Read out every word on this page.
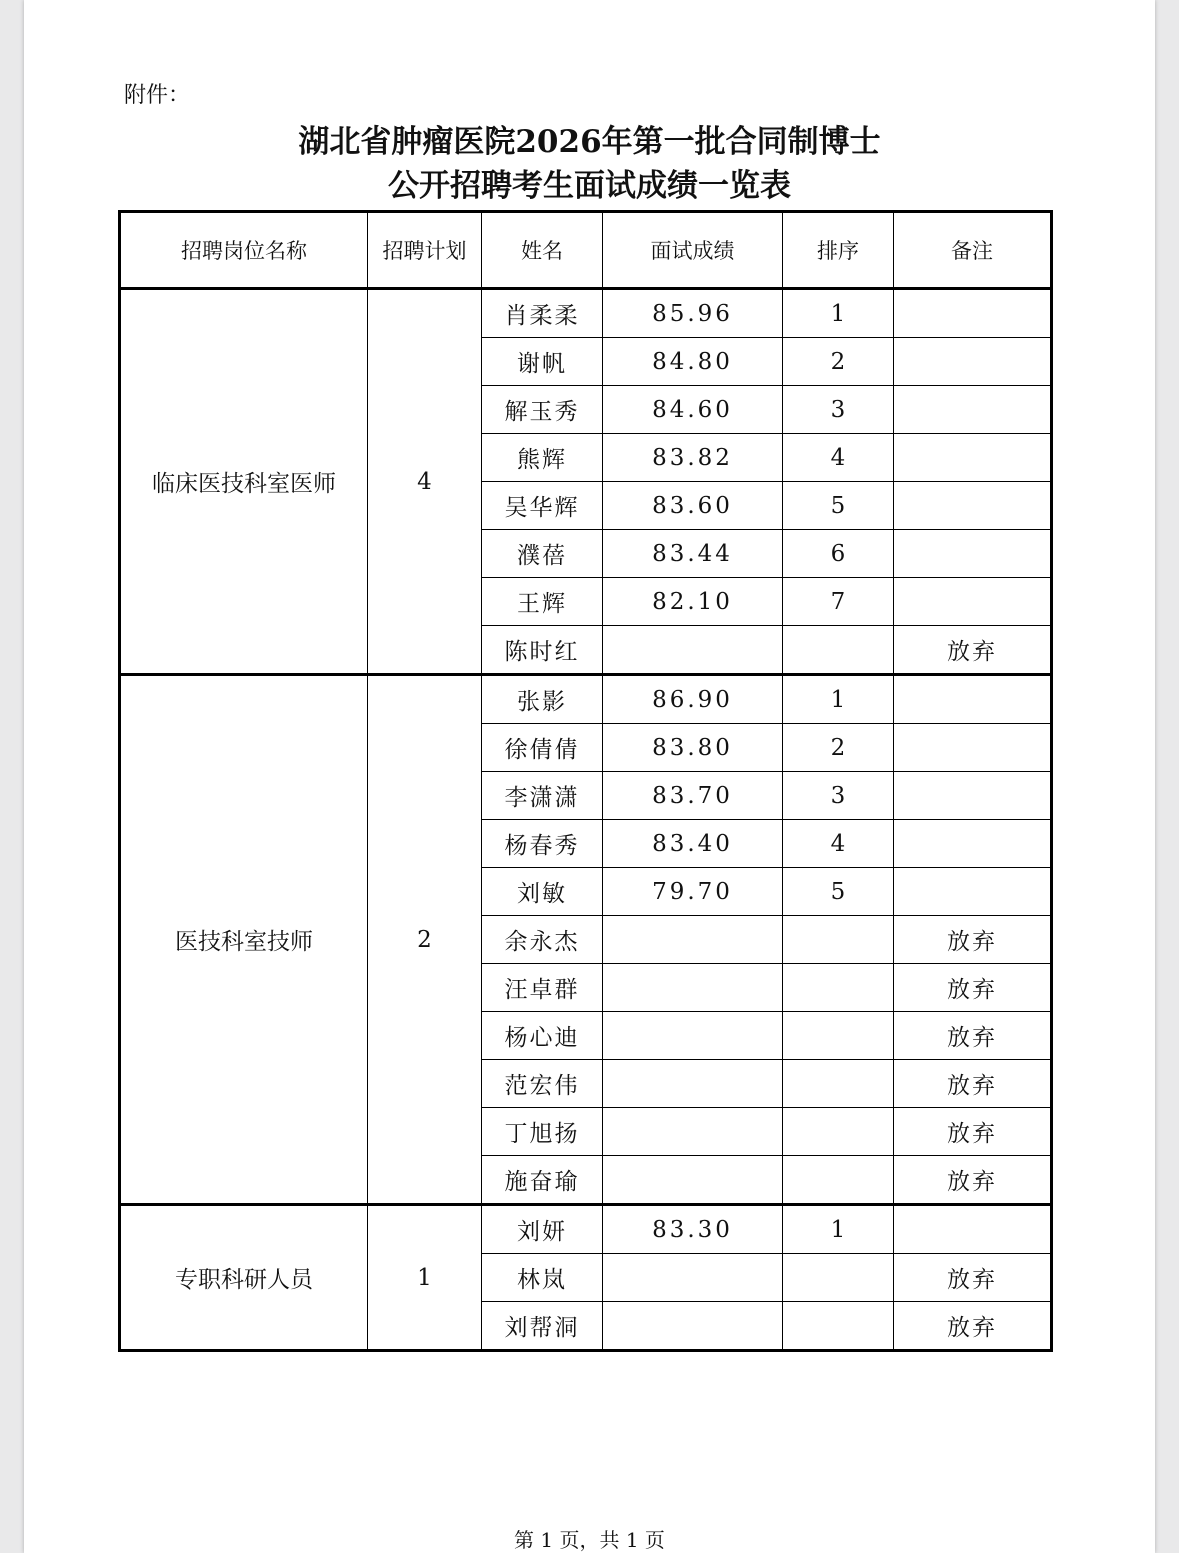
附件：
湖北省肿瘤医院2026年第一批合同制博士
公开招聘考生面试成绩一览表
招聘岗位名称	招聘计划	姓名	面试成绩	排序	备注
临床医技科室医师	4	肖柔柔	85.96	1	
		谢帆	84.80	2	
		解玉秀	84.60	3	
		熊辉	83.82	4	
		吴华辉	83.60	5	
		濮蓓	83.44	6	
		王辉	82.10	7	
		陈时红			放弃
医技科室技师	2	张影	86.90	1	
		徐倩倩	83.80	2	
		李潇潇	83.70	3	
		杨春秀	83.40	4	
		刘敏	79.70	5	
		余永杰			放弃
		汪卓群			放弃
		杨心迪			放弃
		范宏伟			放弃
		丁旭扬			放弃
		施奋瑜			放弃
专职科研人员	1	刘妍	83.30	1	
		林岚			放弃
		刘帮洞			放弃
第 1 页，共 1 页
